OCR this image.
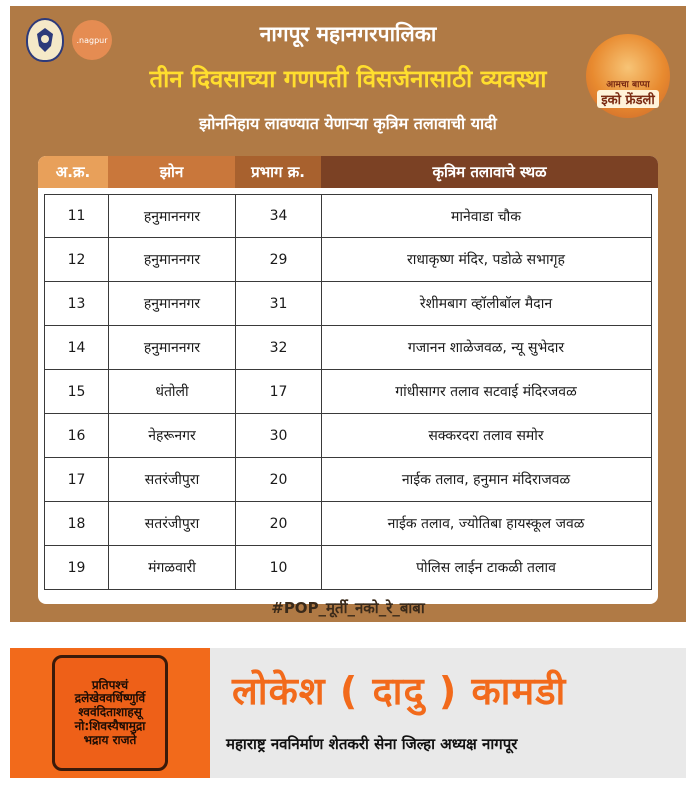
.nagpur	नागपूर महानगरपालिका
तीन दिवसाच्या गणपती विसर्जनासाठी व्यवस्था
झोननिहाय लावण्यात येणाऱ्या कृत्रिम तलावाची यादी
आमचा बाप्पा
इको फ्रेंडली
अ.क्र.	झोन	प्रभाग क्र.	कृत्रिम तलावाचे स्थळ
11	हनुमाननगर	34	मानेवाडा चौक
12	हनुमाननगर	29	राधाकृष्ण मंदिर, पडोळे सभागृह
13	हनुमाननगर	31	रेशीमबाग व्हॉलीबॉल मैदान
14	हनुमाननगर	32	गजानन शाळेजवळ, न्यू सुभेदार
15	धंतोली	17	गांधीसागर तलाव सटवाई मंदिरजवळ
16	नेहरूनगर	30	सक्करदरा तलाव समोर
17	सतरंजीपुरा	20	नाईक तलाव, हनुमान मंदिराजवळ
18	सतरंजीपुरा	20	नाईक तलाव, ज्योतिबा हायस्कूल जवळ
19	मंगळवारी	10	पोलिस लाईन टाकळी तलाव
#POP_मूर्ती_नको_रे_बाबा
प्रतिपश्चं
द्रलेखेववर्धिष्णुर्वि
श्ववंदिताशाहसू
नो:शिवस्यैषामुद्रा
भद्राय राजते
लोकेश ( दादु ) कामडी
महाराष्ट्र नवनिर्माण शेतकरी सेना जिल्हा अध्यक्ष नागपूर
